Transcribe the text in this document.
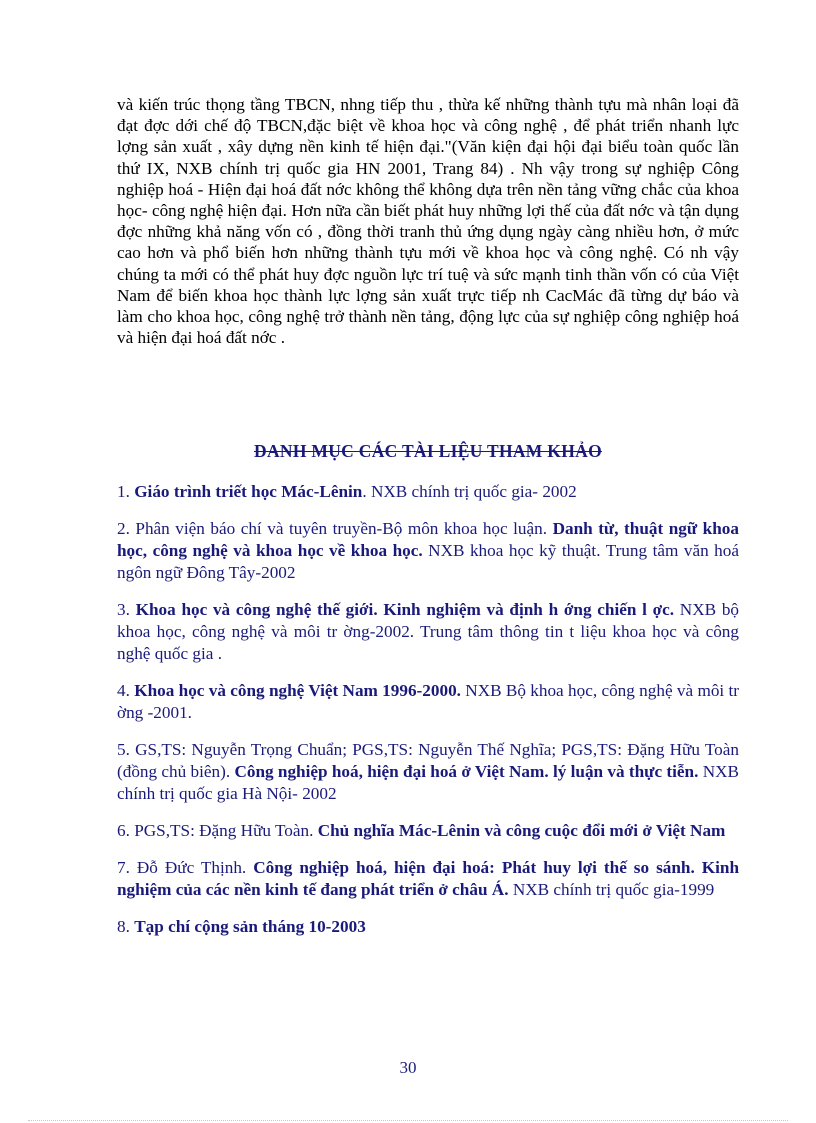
và kiến trúc thọng tầng TBCN, nhng tiếp thu , thừa kế những thành tựu mà nhân loại đã đạt đợc dới chế độ TBCN,đặc biệt về khoa học và công nghệ , để phát triển nhanh lực lợng sản xuất , xây dựng nền kinh tế hiện đại."(Văn kiện đại hội đại biểu toàn quốc lần thứ IX, NXB chính trị quốc gia HN 2001, Trang 84) . Nh vậy trong sự nghiệp Công nghiệp hoá - Hiện đại hoá đất nớc không thể không dựa trên nền tảng vững chắc của khoa học- công nghệ hiện đại. Hơn nữa cần biết phát huy những lợi thế của đất nớc và tận dụng đợc những khả năng vốn có , đồng thời tranh thủ ứng dụng ngày càng nhiều hơn, ở mức cao hơn và phổ biến hơn những thành tựu mới về khoa học và công nghệ. Có nh vậy chúng ta mới có thể phát huy đợc nguồn lực trí tuệ và sức mạnh tinh thần vốn có của Việt Nam để biến khoa học thành lực lợng sản xuất trực tiếp nh CacMác đã từng dự báo và làm cho khoa học, công nghệ trở thành nền tảng, động lực của sự nghiệp công nghiệp hoá và hiện đại hoá đất nớc .

DANH MỤC CÁC TÀI LIỆU THAM KHẢO
1. Giáo trình triết học Mác-Lênin. NXB chính trị quốc gia- 2002
2. Phân viện báo chí và tuyên truyền-Bộ môn khoa học luận. Danh từ, thuật ngữ khoa học, công nghệ và khoa học về khoa học. NXB khoa học kỹ thuật. Trung tâm văn hoá ngôn ngữ Đông Tây-2002
3. Khoa học và công nghệ thế giới. Kinh nghiệm và định h ớng chiến l ợc. NXB bộ khoa học, công nghệ và môi tr ờng-2002. Trung tâm thông tin t liệu khoa học và công nghệ quốc gia .
4. Khoa học và công nghệ Việt Nam 1996-2000. NXB Bộ khoa học, công nghệ và môi tr ờng -2001.
5. GS,TS: Nguyễn Trọng Chuẩn; PGS,TS: Nguyễn Thế Nghĩa; PGS,TS: Đặng Hữu Toàn (đồng chủ biên). Công nghiệp hoá, hiện đại hoá ở Việt Nam. lý luận và thực tiễn. NXB chính trị quốc gia Hà Nội- 2002
6. PGS,TS: Đặng Hữu Toàn. Chủ nghĩa Mác-Lênin và công cuộc đổi mới ở Việt Nam
7. Đỗ Đức Thịnh. Công nghiệp hoá, hiện đại hoá: Phát huy lợi thế so sánh. Kinh nghiệm của các nền kinh tế đang phát triển ở châu Á. NXB chính trị quốc gia-1999
8. Tạp chí cộng sản tháng 10-2003
30
